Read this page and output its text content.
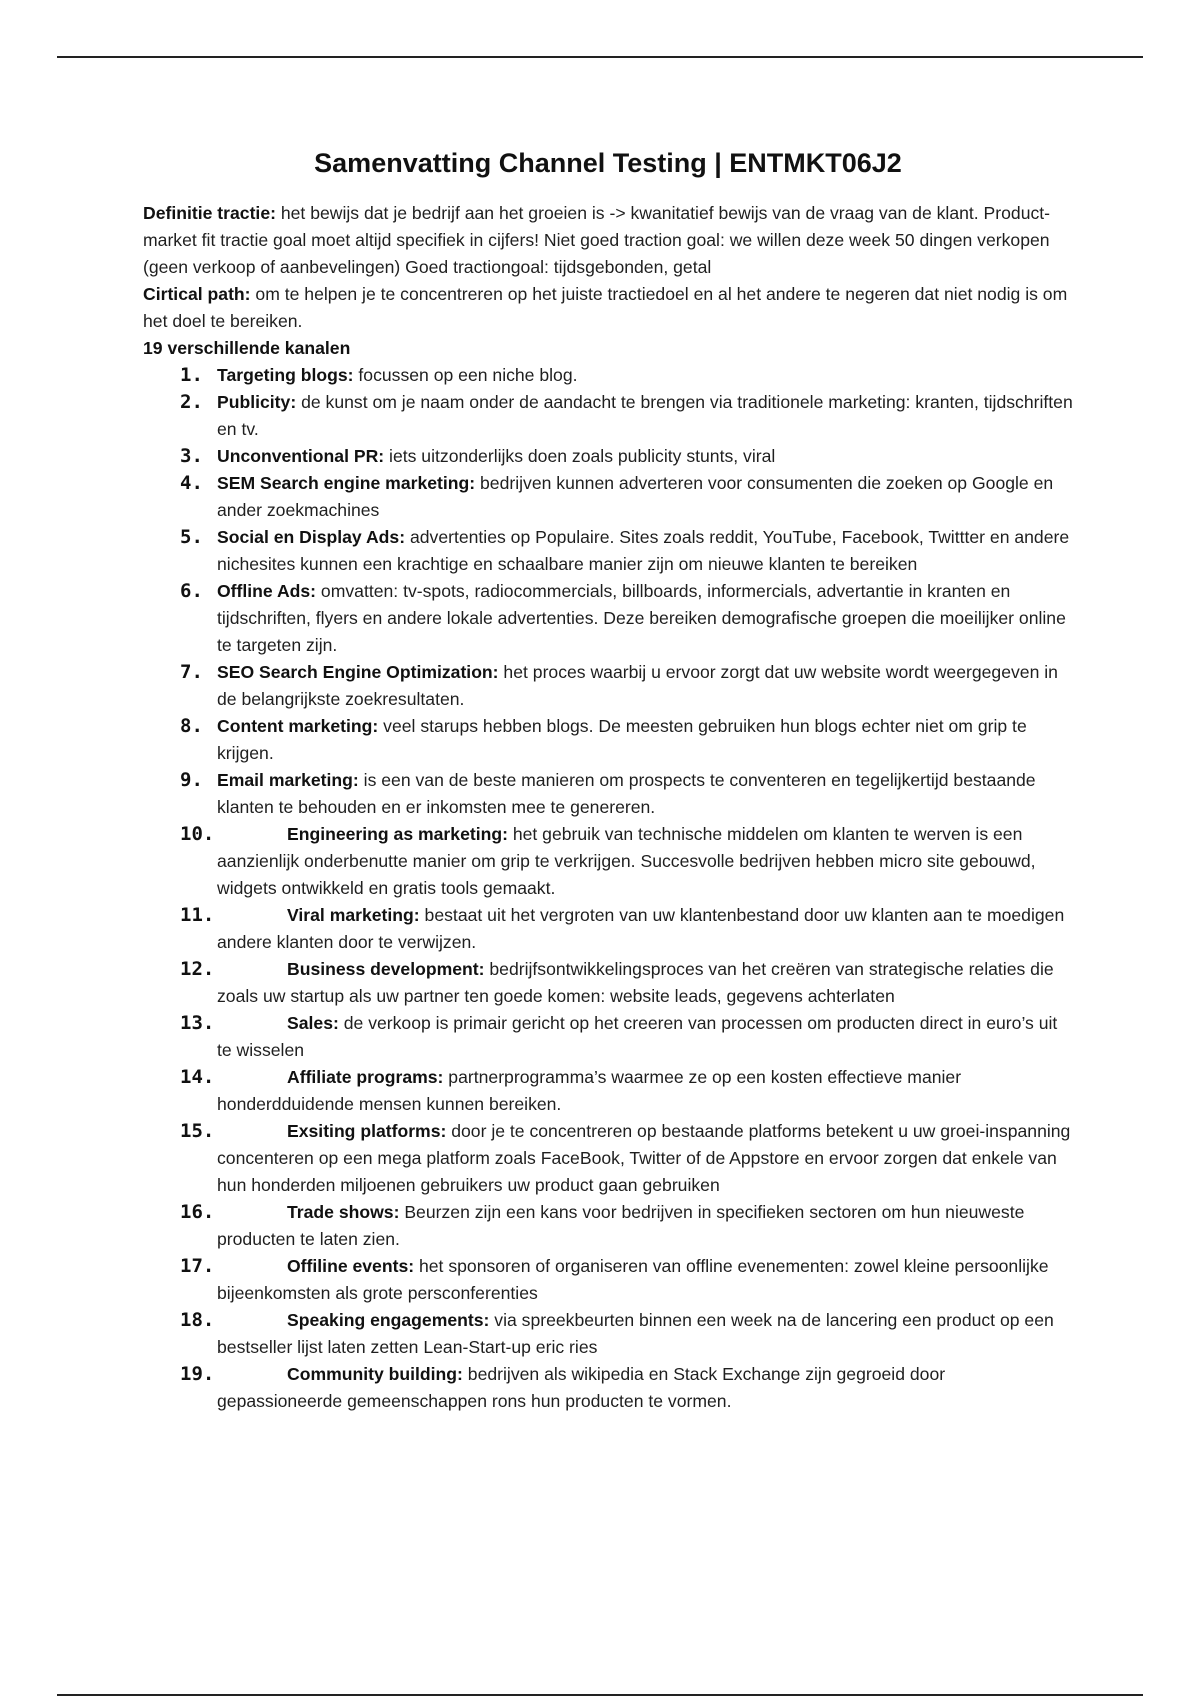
Samenvatting Channel Testing | ENTMKT06J2

Definitie tractie: het bewijs dat je bedrijf aan het groeien is -> kwanitatief bewijs van de vraag van de klant. Product-market fit tractie goal moet altijd specifiek in cijfers! Niet goed traction goal: we willen deze week 50 dingen verkopen (geen verkoop of aanbevelingen) Goed tractiongoal: tijdsgebonden, getal

Cirtical path: om te helpen je te concentreren op het juiste tractiedoel en al het andere te negeren dat niet nodig is om het doel te bereiken.

19 verschillende kanalen

1. Targeting blogs: focussen op een niche blog.
2. Publicity: de kunst om je naam onder de aandacht te brengen via traditionele marketing: kranten, tijdschriften en tv.
3. Unconventional PR: iets uitzonderlijks doen zoals publicity stunts, viral
4. SEM Search engine marketing: bedrijven kunnen adverteren voor consumenten die zoeken op Google en ander zoekmachines
5. Social en Display Ads: advertenties op Populaire. Sites zoals reddit, YouTube, Facebook, Twittter en andere nichesites kunnen een krachtige en schaalbare manier zijn om nieuwe klanten te bereiken
6. Offline Ads: omvatten: tv-spots, radiocommercials, billboards, informercials, advertantie in kranten en tijdschriften, flyers en andere lokale advertenties. Deze bereiken demografische groepen die moeilijker online te targeten zijn.
7. SEO Search Engine Optimization: het proces waarbij u ervoor zorgt dat uw website wordt weergegeven in de belangrijkste zoekresultaten.
8. Content marketing: veel starups hebben blogs. De meesten gebruiken hun blogs echter niet om grip te krijgen.
9. Email marketing: is een van de beste manieren om prospects te conventeren en tegelijkertijd bestaande klanten te behouden en er inkomsten mee te genereren.
10.	Engineering as marketing: het gebruik van technische middelen om klanten te werven is een aanzienlijk onderbenutte manier om grip te verkrijgen. Succesvolle bedrijven hebben micro site gebouwd, widgets ontwikkeld en gratis tools gemaakt.
11.	Viral marketing: bestaat uit het vergroten van uw klantenbestand door uw klanten aan te moedigen andere klanten door te verwijzen.
12.	Business development: bedrijfsontwikkelingsproces van het creëren van strategische relaties die zoals uw startup als uw partner ten goede komen: website leads, gegevens achterlaten
13.	Sales: de verkoop is primair gericht op het creeren van processen om producten direct in euro’s uit te wisselen
14.	Affiliate programs: partnerprogramma’s waarmee ze op een kosten effectieve manier honderdduidende mensen kunnen bereiken.
15.	Exsiting platforms: door je te concentreren op bestaande platforms betekent u uw groei-inspanning concenteren op een mega platform zoals FaceBook, Twitter of de Appstore en ervoor zorgen dat enkele van hun honderden miljoenen gebruikers uw product gaan gebruiken
16.	Trade shows: Beurzen zijn een kans voor bedrijven in specifieken sectoren om hun nieuweste producten te laten zien.
17.	Offiline events: het sponsoren of organiseren van offline evenementen: zowel kleine persoonlijke bijeenkomsten als grote persconferenties
18.	Speaking engagements: via spreekbeurten binnen een week na de lancering een product op een bestseller lijst laten zetten Lean-Start-up eric ries
19.	Community building: bedrijven als wikipedia en Stack Exchange zijn gegroeid door gepassioneerde gemeenschappen rons hun producten te vormen.
